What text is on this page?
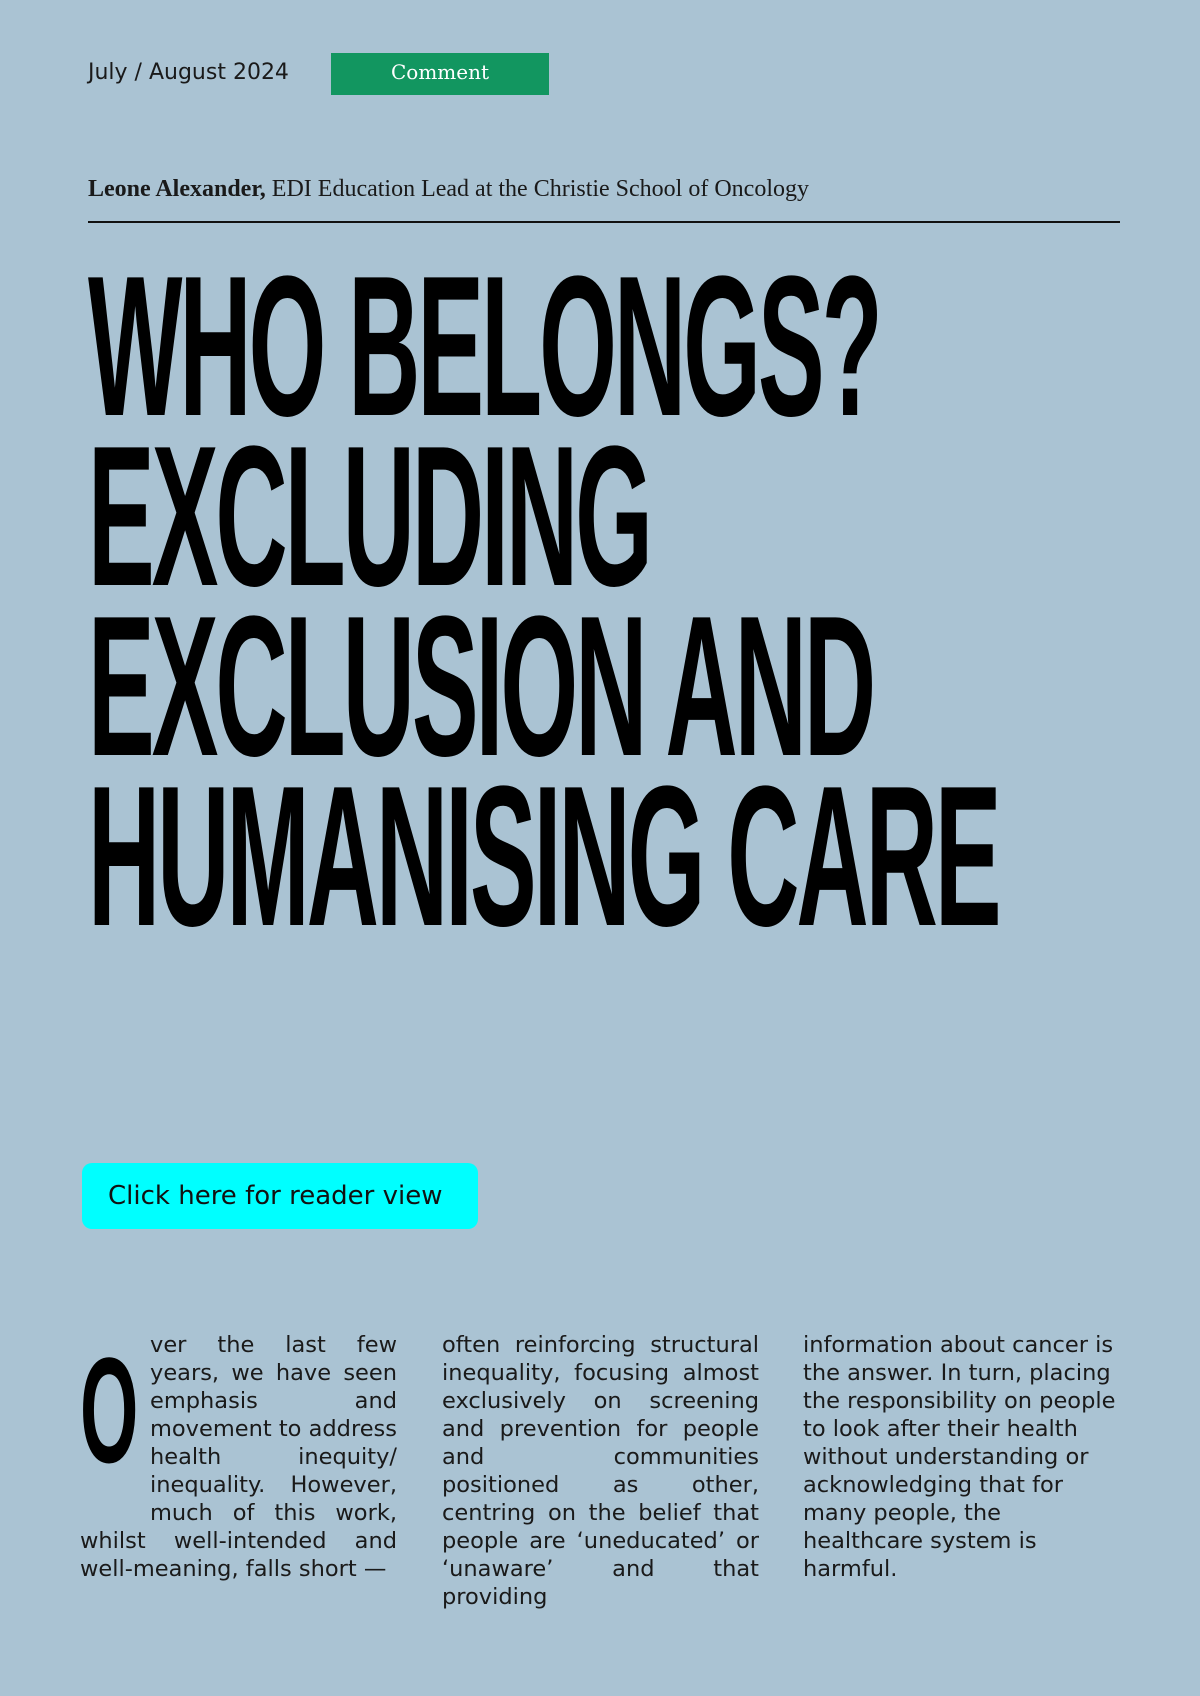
July / August 2024	Comment
Leone Alexander, EDI Education Lead at the Christie School of Oncology
WHO BELONGS?
EXCLUDING
EXCLUSION AND
HUMANISING CARE
Click here for reader view
Over the last few years, we have seen emphasis and movement to address health inequity/ inequality. However, much of this work, whilst well-intended and well-meaning, falls short —
often reinforcing structural inequality, focusing almost exclusively on screening and prevention for people and communities positioned as other, centring on the belief that people are ‘uneducated’ or ‘unaware’ and that providing
information about cancer is the answer. In turn, placing the responsibility on people to look after their health without understanding or acknowledging that for many people, the healthcare system is harmful.
